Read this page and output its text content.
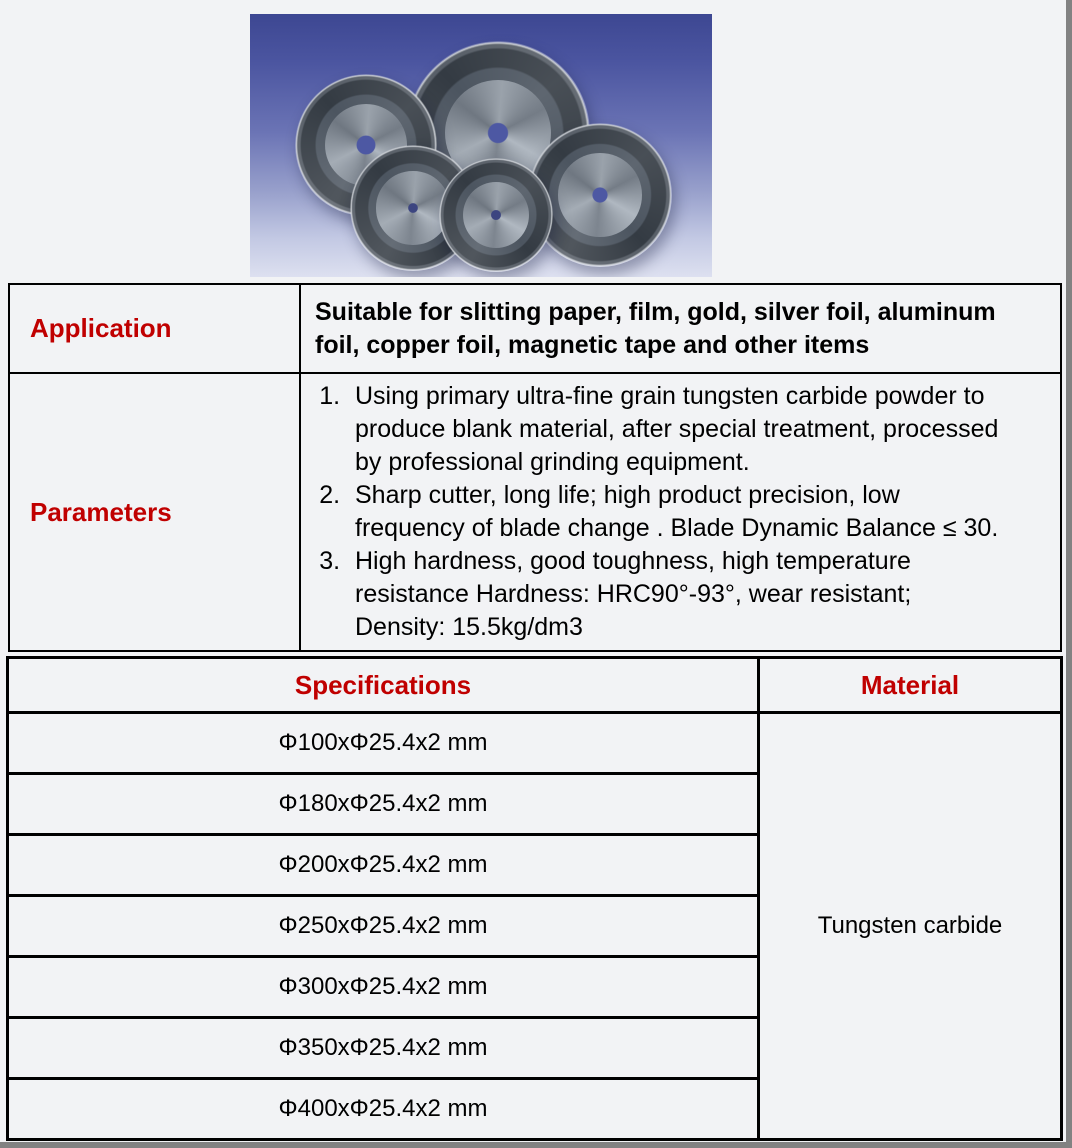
Application	Suitable for slitting paper, film, gold, silver foil, aluminum foil, copper foil, magnetic tape and other items

Parameters	
1. Using primary ultra-fine grain tungsten carbide powder to produce blank material, after special treatment, processed by professional grinding equipment.
2. Sharp cutter, long life; high product precision, low frequency of blade change . Blade Dynamic Balance ≤ 30.
3. High hardness, good toughness, high temperature resistance Hardness: HRC90°-93°, wear resistant; Density: 15.5kg/dm3
Specifications	Material
Φ100xΦ25.4x2 mm	Tungsten carbide
Φ180xΦ25.4x2 mm	
Φ200xΦ25.4x2 mm	
Φ250xΦ25.4x2 mm	
Φ300xΦ25.4x2 mm	
Φ350xΦ25.4x2 mm	
Φ400xΦ25.4x2 mm	
